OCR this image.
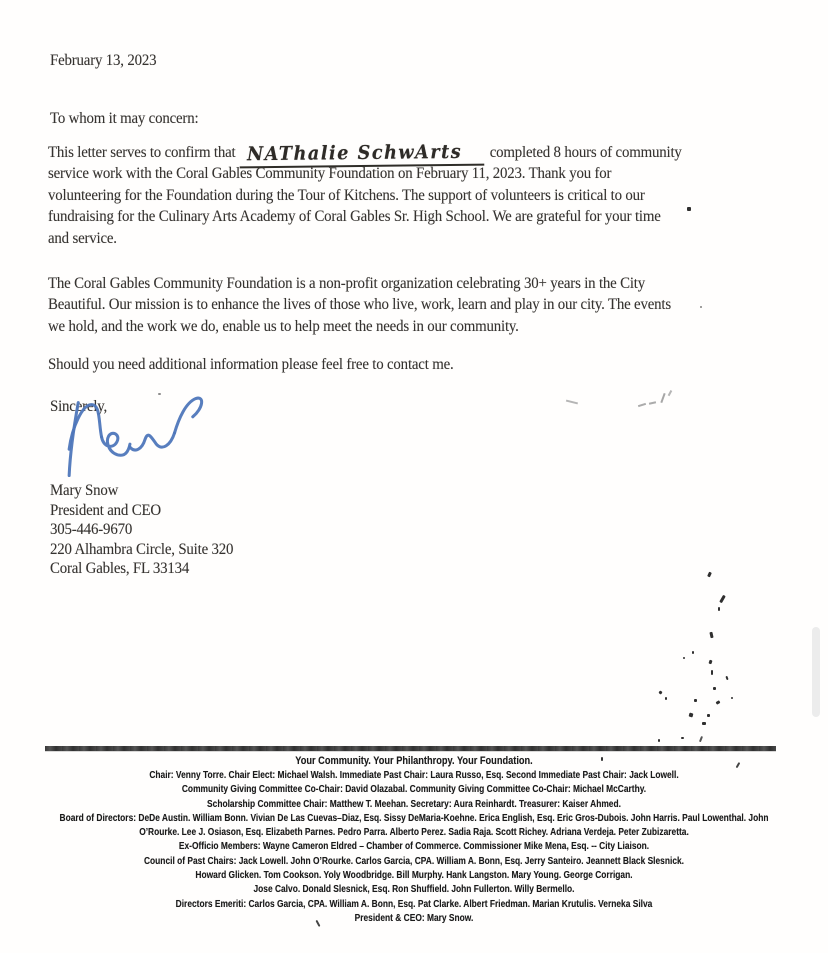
February 13, 2023
To whom it may concern:
This letter serves to confirm that NAThalie SchwArts completed 8 hours of community
service work with the Coral Gables Community Foundation on February 11, 2023. Thank you for
volunteering for the Foundation during the Tour of Kitchens. The support of volunteers is critical to our
fundraising for the Culinary Arts Academy of Coral Gables Sr. High School. We are grateful for your time
and service.
The Coral Gables Community Foundation is a non-profit organization celebrating 30+ years in the City
Beautiful. Our mission is to enhance the lives of those who live, work, learn and play in our city. The events
we hold, and the work we do, enable us to help meet the needs in our community.
Should you need additional information please feel free to contact me.
Sincerely,
Mary Snow
President and CEO
305-446-9670
220 Alhambra Circle, Suite 320
Coral Gables, FL 33134
Your Community. Your Philanthropy. Your Foundation.
Chair: Venny Torre. Chair Elect: Michael Walsh. Immediate Past Chair: Laura Russo, Esq. Second Immediate Past Chair: Jack Lowell.
Community Giving Committee Co-Chair: David Olazabal. Community Giving Committee Co-Chair: Michael McCarthy.
Scholarship Committee Chair: Matthew T. Meehan. Secretary: Aura Reinhardt. Treasurer: Kaiser Ahmed.
Board of Directors: DeDe Austin. William Bonn. Vivian De Las Cuevas–Diaz, Esq. Sissy DeMaria-Koehne. Erica English, Esq. Eric Gros-Dubois. John Harris. Paul Lowenthal. John O’Rourke. Lee J. Osiason, Esq. Elizabeth Parnes. Pedro Parra. Alberto Perez. Sadia Raja. Scott Richey. Adriana Verdeja. Peter Zubizaretta.
Ex-Officio Members: Wayne Cameron Eldred – Chamber of Commerce. Commissioner Mike Mena, Esq. -- City Liaison.
Council of Past Chairs: Jack Lowell. John O’Rourke. Carlos Garcia, CPA. William A. Bonn, Esq. Jerry Santeiro. Jeannett Black Slesnick.
Howard Glicken. Tom Cookson. Yoly Woodbridge. Bill Murphy. Hank Langston. Mary Young. George Corrigan.
Jose Calvo. Donald Slesnick, Esq. Ron Shuffield. John Fullerton. Willy Bermello.
Directors Emeriti: Carlos Garcia, CPA. William A. Bonn, Esq. Pat Clarke. Albert Friedman. Marian Krutulis. Verneka Silva
President & CEO: Mary Snow.
